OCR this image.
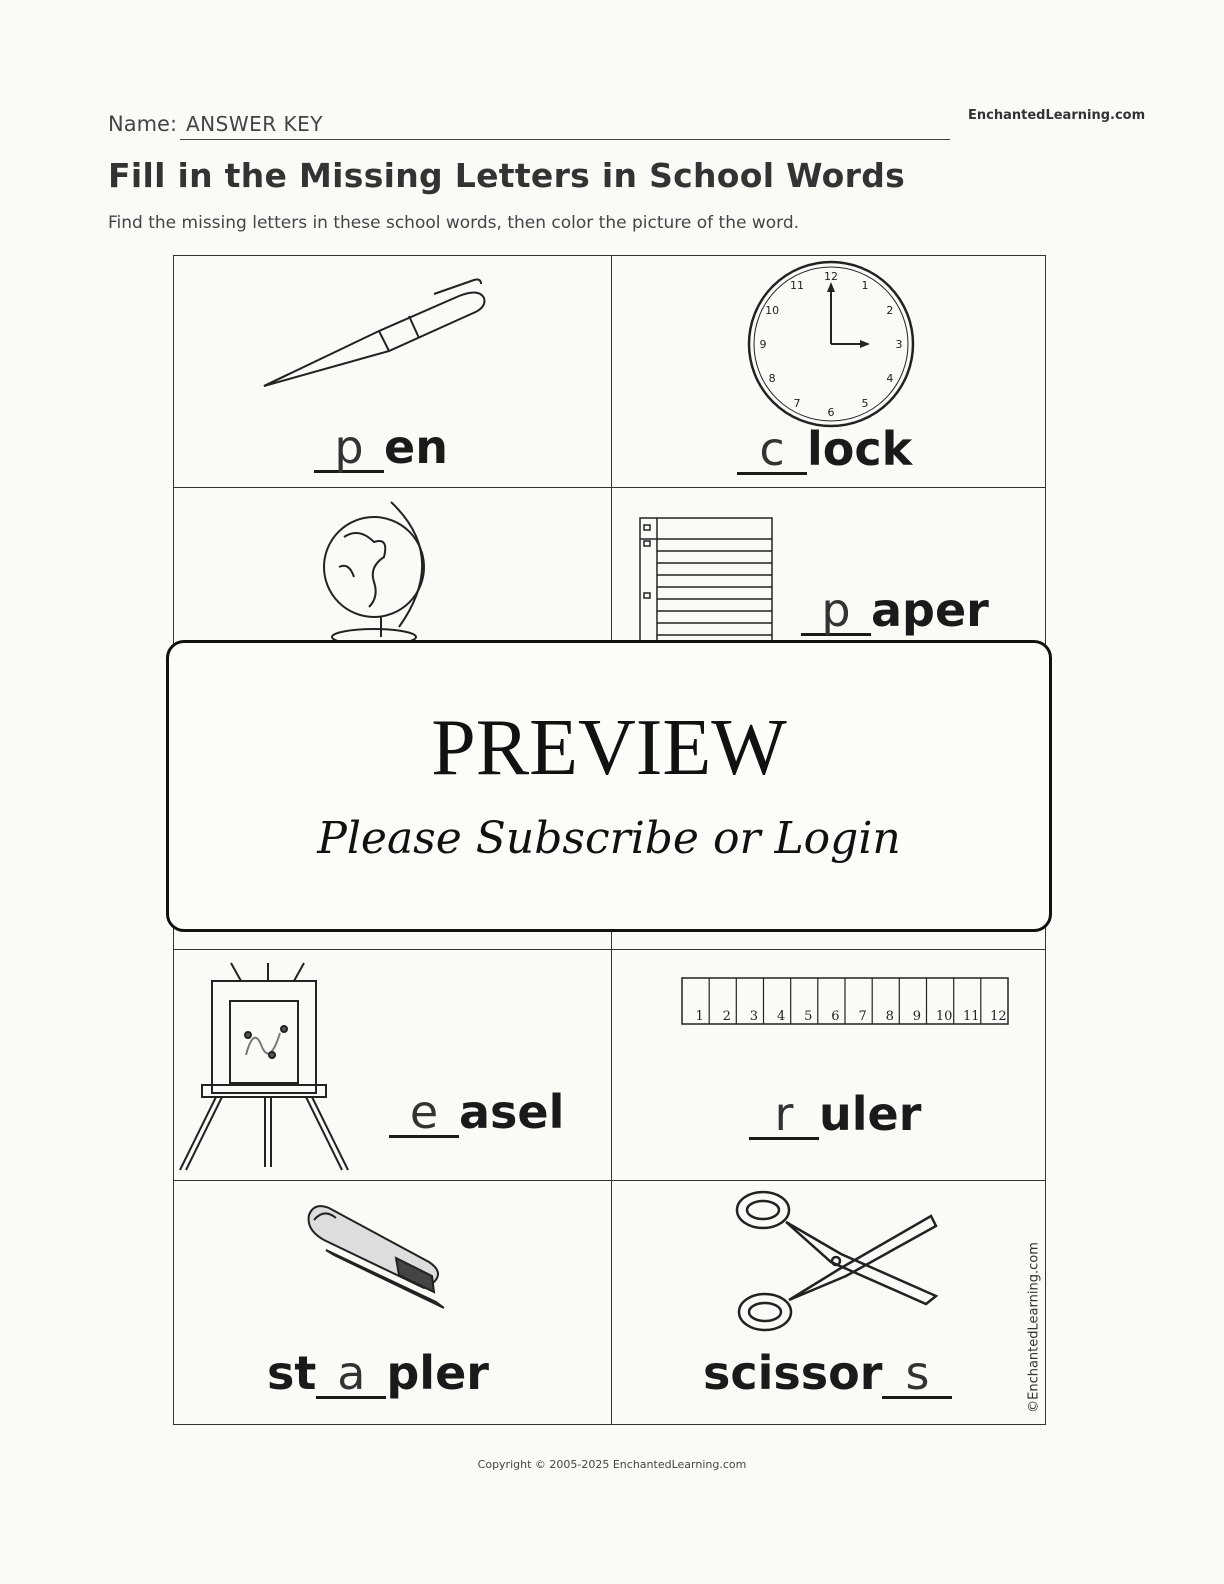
Name: ANSWER KEY	EnchantedLearning.com
Fill in the Missing Letters in School Words
Find the missing letters in these school words, then color the picture of the word.
p en
12
1
2
3
4
5
6
7
8
9
10
11
c lock
p aper
e asel
1 2 3 4 5 6 7 8 9 10 11 12
r uler
st a pler	scissor s	©EnchantedLearning.com
PREVIEW
Please Subscribe or Login
Copyright © 2005-2025 EnchantedLearning.com
